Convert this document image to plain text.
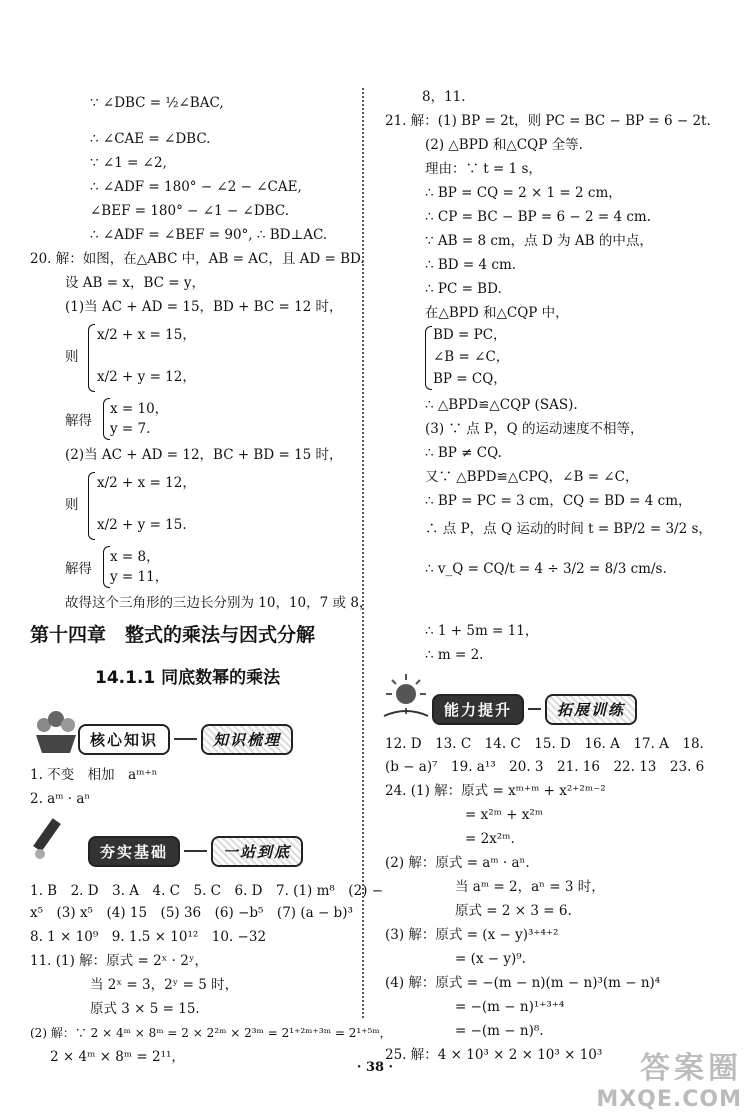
∵ ∠DBC = ½∠BAC,
∴ ∠CAE = ∠DBC.
∵ ∠1 = ∠2,
∴ ∠ADF = 180° − ∠2 − ∠CAE,
∠BEF = 180° − ∠1 − ∠DBC.
∴ ∠ADF = ∠BEF = 90°, ∴ BD⊥AC.
20. 解：如图，在△ABC 中，AB = AC，且 AD = BD.
设 AB = x，BC = y，
(1)当 AC + AD = 15，BD + BC = 12 时，
x/2 + x = 15，
则
x/2 + y = 12，
解得
x = 10，
y = 7.
(2)当 AC + AD = 12，BC + BD = 15 时，
x/2 + x = 12，
则
x/2 + y = 15.
解得
x = 8，
y = 11，
故得这个三角形的三边长分别为 10，10，7 或 8，
第十四章　整式的乘法与因式分解
14.1.1 同底数幂的乘法
核心知识	知识梳理
1. 不变　相加　aᵐ⁺ⁿ
2. aᵐ · aⁿ
夯实基础	一站到底
1. B　2. D　3. A　4. C　5. C　6. D　7. (1) m⁸　(2) −
x⁵　(3) x⁵　(4) 15　(5) 36　(6) −b⁵　(7) (a − b)³
8. 1 × 10⁹　9. 1.5 × 10¹²　10. −32
11. (1) 解：原式 = 2ˣ · 2ʸ，
当 2ˣ = 3，2ʸ = 5 时，
原式 3 × 5 = 15.
(2) 解：∵ 2 × 4ᵐ × 8ᵐ = 2 × 2²ᵐ × 2³ᵐ = 2¹⁺²ᵐ⁺³ᵐ = 2¹⁺⁵ᵐ，
2 × 4ᵐ × 8ᵐ = 2¹¹，
8，11.
21. 解：(1) BP = 2t，则 PC = BC − BP = 6 − 2t.
(2) △BPD 和△CQP 全等.
理由：∵ t = 1 s，
∴ BP = CQ = 2 × 1 = 2 cm，
∴ CP = BC − BP = 6 − 2 = 4 cm.
∵ AB = 8 cm，点 D 为 AB 的中点，
∴ BD = 4 cm.
∴ PC = BD.
在△BPD 和△CQP 中，
BD = PC，
∠B = ∠C，
BP = CQ，
∴ △BPD≌△CQP (SAS).
(3) ∵ 点 P，Q 的运动速度不相等，
∴ BP ≠ CQ.
又∵ △BPD≌△CPQ，∠B = ∠C，
∴ BP = PC = 3 cm，CQ = BD = 4 cm，
∴ 点 P，点 Q 运动的时间 t = BP/2 = 3/2 s，
∴ v_Q = CQ/t = 4 ÷ 3/2 = 8/3 cm/s.
∴ 1 + 5m = 11，
∴ m = 2.
能力提升	拓展训练
12. D　13. C　14. C　15. D　16. A　17. A　18.
(b − a)⁷　19. a¹³　20. 3　21. 16　22. 13　23. 6
24. (1) 解：原式 = xᵐ⁺ᵐ + x²⁺²ᵐ⁻²
= x²ᵐ + x²ᵐ
= 2x²ᵐ.
(2) 解：原式 = aᵐ · aⁿ.
当 aᵐ = 2，aⁿ = 3 时，
原式 = 2 × 3 = 6.
(3) 解：原式 = (x − y)³⁺⁴⁺²
= (x − y)⁹.
(4) 解：原式 = −(m − n)(m − n)³(m − n)⁴
= −(m − n)¹⁺³⁺⁴
= −(m − n)⁸.
25. 解：4 × 10³ × 2 × 10³ × 10³
· 38 ·	答案圈
MXQE.COM
